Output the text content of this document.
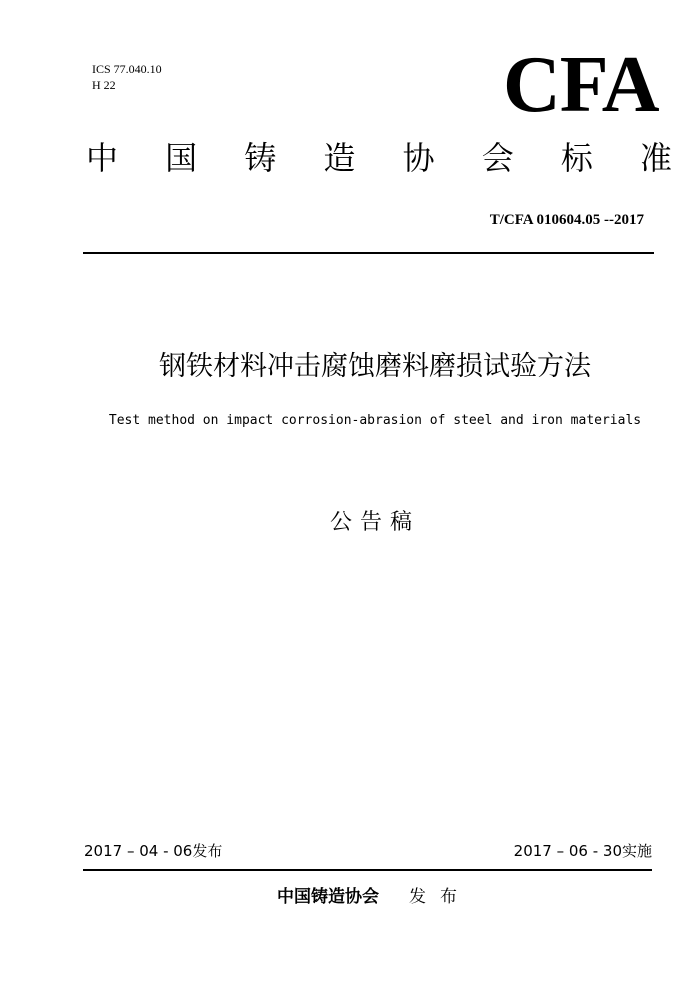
ICS 77.040.10
H 22	CFA
中 国 铸 造 协 会 标 准
T/CFA 010604.05 --2017
钢铁材料冲击腐蚀磨料磨损试验方法
Test method on impact corrosion-abrasion of steel and iron materials
公告稿
2017 – 04 - 06发布	2017 – 06 - 30实施
中国铸造协会 发布
